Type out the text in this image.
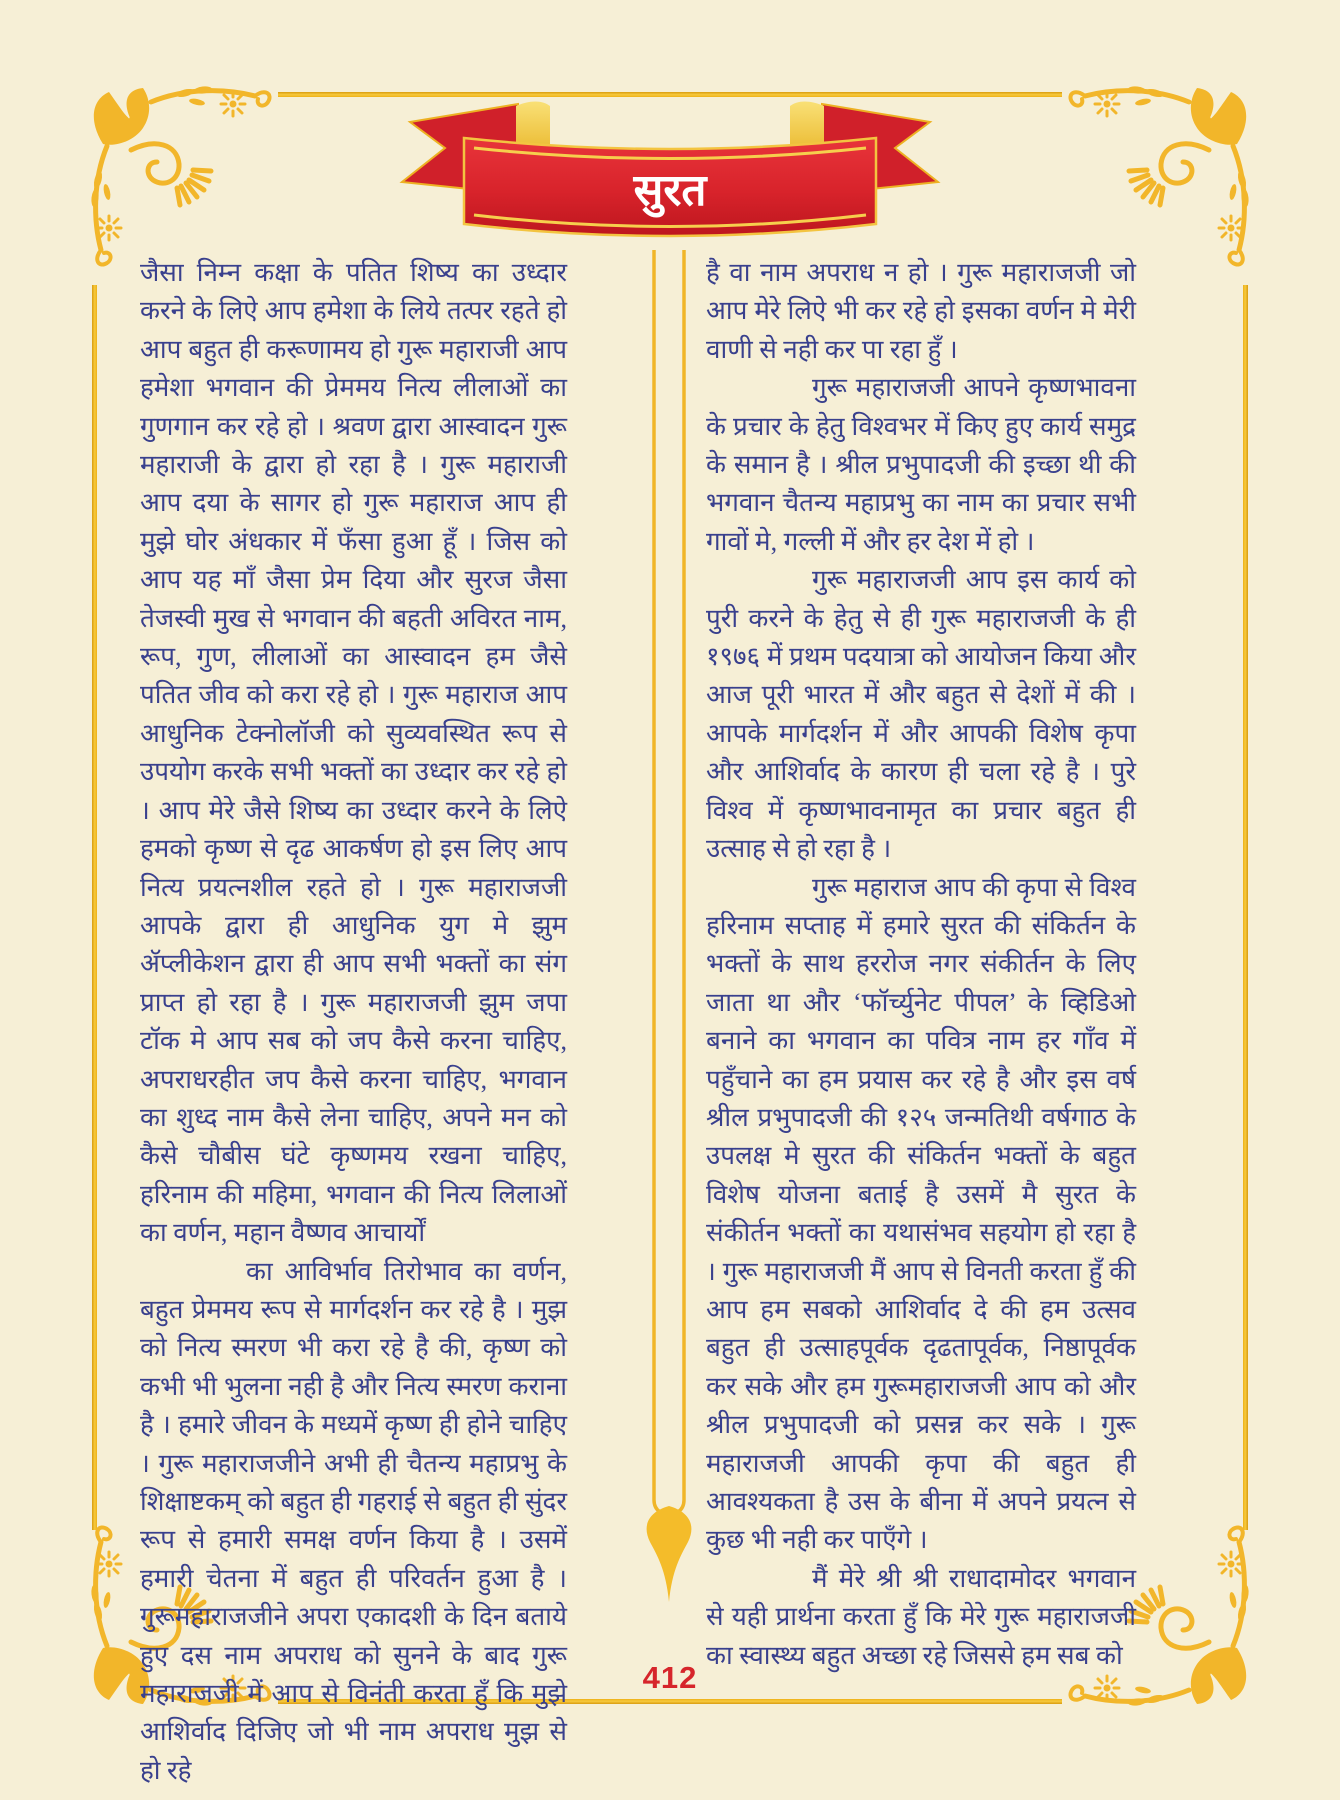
सुरत

जैसा निम्न कक्षा के पतित शिष्य का उध्दार करने के लिऐ आप हमेशा के लिये तत्पर रहते हो आप बहुत ही करूणामय हो गुरू महाराजी आप हमेशा भगवान की प्रेममय नित्य लीलाओं का गुणगान कर रहे हो । श्रवण द्वारा आस्वादन गुरू महाराजी के द्वारा हो रहा है । गुरू महाराजी आप दया के सागर हो गुरू महाराज आप ही मुझे घोर अंधकार में फँसा हुआ हूँ । जिस को आप यह माँ जैसा प्रेम दिया और सुरज जैसा तेजस्वी मुख से भगवान की बहती अविरत नाम, रूप, गुण, लीलाओं का आस्वादन हम जैसे पतित जीव को करा रहे हो । गुरू महाराज आप आधुनिक टेक्नोलॉजी को सुव्यवस्थित रूप से उपयोग करके सभी भक्तों का उध्दार कर रहे हो । आप मेरे जैसे शिष्य का उध्दार करने के लिऐ हमको कृष्ण से दृढ आकर्षण हो इस लिए आप नित्य प्रयत्नशील रहते हो । गुरू महाराजजी आपके द्वारा ही आधुनिक युग मे झुम ॲप्लीकेशन द्वारा ही आप सभी भक्तों का संग प्राप्त हो रहा है । गुरू महाराजजी झुम जपा टॉक मे आप सब को जप कैसे करना चाहिए, अपराधरहीत जप कैसे करना चाहिए, भगवान का शुध्द नाम कैसे लेना चाहिए, अपने मन को कैसे चौबीस घंटे कृष्णमय रखना चाहिए, हरिनाम की महिमा, भगवान की नित्य लिलाओं का वर्णन, महान वैष्णव आचार्यों

का आविर्भाव तिरोभाव का वर्णन, बहुत प्रेममय रूप से मार्गदर्शन कर रहे है । मुझ को नित्य स्मरण भी करा रहे है की, कृष्ण को कभी भी भुलना नही है और नित्य स्मरण कराना है । हमारे जीवन के मध्यमें कृष्ण ही होने चाहिए । गुरू महाराजजीने अभी ही चैतन्य महाप्रभु के शिक्षाष्टकम् को बहुत ही गहराई से बहुत ही सुंदर रूप से हमारी समक्ष वर्णन किया है । उसमें हमारी चेतना में बहुत ही परिवर्तन हुआ है । गुरूमहाराजजीने अपरा एकादशी के दिन बताये हुए दस नाम अपराध को सुनने के बाद गुरू महाराजजी में आप से विनंती करता हुँ कि मुझे आशिर्वाद दिजिए जो भी नाम अपराध मुझ से हो रहे

है वा नाम अपराध न हो । गुरू महाराजजी जो आप मेरे लिऐ भी कर रहे हो इसका वर्णन मे मेरी वाणी से नही कर पा रहा हुँ ।

गुरू महाराजजी आपने कृष्णभावना के प्रचार के हेतु विश्वभर में किए हुए कार्य समुद्र के समान है । श्रील प्रभुपादजी की इच्छा थी की भगवान चैतन्य महाप्रभु का नाम का प्रचार सभी गावों मे, गल्ली में और हर देश में हो ।

गुरू महाराजजी आप इस कार्य को पुरी करने के हेतु से ही गुरू महाराजजी के ही १९७६ में प्रथम पदयात्रा को आयोजन किया और आज पूरी भारत में और बहुत से देशों में की । आपके मार्गदर्शन में और आपकी विशेष कृपा और आशिर्वाद के कारण ही चला रहे है । पुरे विश्व में कृष्णभावनामृत का प्रचार बहुत ही उत्साह से हो रहा है ।

गुरू महाराज आप की कृपा से विश्व हरिनाम सप्ताह में हमारे सुरत की संकिर्तन के भक्तों के साथ हररोज नगर संकीर्तन के लिए जाता था और ‘फॉर्च्युनेट पीपल’ के व्हिडिओ बनाने का भगवान का पवित्र नाम हर गाँव में पहुँचाने का हम प्रयास कर रहे है और इस वर्ष श्रील प्रभुपादजी की १२५ जन्मतिथी वर्षगाठ के उपलक्ष मे सुरत की संकिर्तन भक्तों के बहुत विशेष योजना बताई है उसमें मै सुरत के संकीर्तन भक्तों का यथासंभव सहयोग हो रहा है । गुरू महाराजजी मैं आप से विनती करता हुँ की आप हम सबको आशिर्वाद दे की हम उत्सव बहुत ही उत्साहपूर्वक दृढतापूर्वक, निष्ठापूर्वक कर सके और हम गुरूमहाराजजी आप को और श्रील प्रभुपादजी को प्रसन्न कर सके । गुरू महाराजजी आपकी कृपा की बहुत ही आवश्यकता है उस के बीना में अपने प्रयत्न से कुछ भी नही कर पाएँगे ।

मैं मेरे श्री श्री राधादामोदर भगवान से यही प्रार्थना करता हुँ कि मेरे गुरू महाराजजी का स्वास्थ्य बहुत अच्छा रहे जिससे हम सब को

412
